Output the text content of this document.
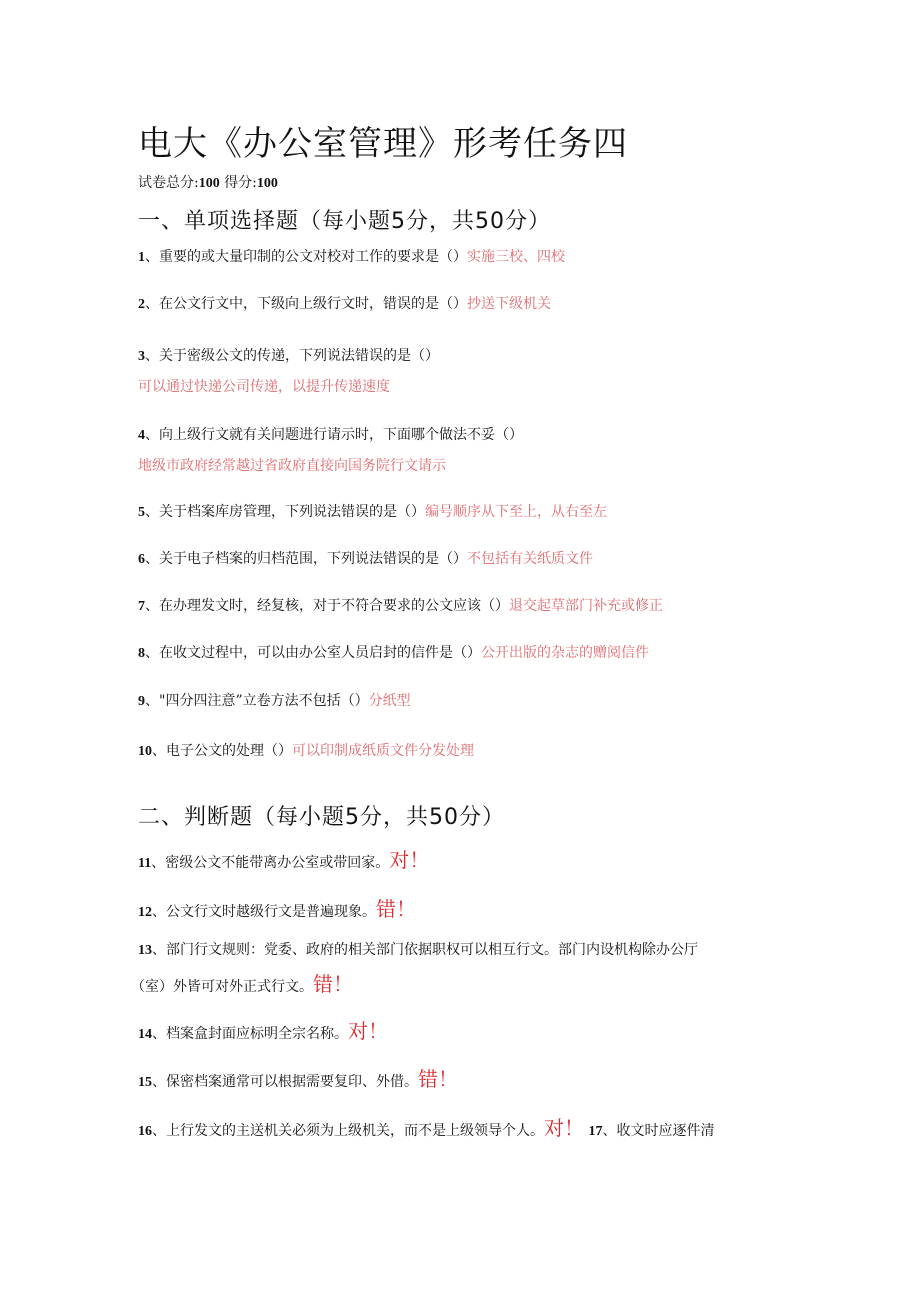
电大《办公室管理》形考任务四
试卷总分:100 得分:100
一、单项选择题（每小题5分，共50分）
1、重要的或大量印制的公文对校对工作的要求是（）实施三校、四校
2、在公文行文中，下级向上级行文时，错误的是（）抄送下级机关
3、关于密级公文的传递，下列说法错误的是（）
可以通过快递公司传递，以提升传递速度
4、向上级行文就有关问题进行请示时，下面哪个做法不妥（）
地级市政府经常越过省政府直接向国务院行文请示
5、关于档案库房管理，下列说法错误的是（）编号顺序从下至上，从右至左
6、关于电子档案的归档范围，下列说法错误的是（）不包括有关纸质文件
7、在办理发文时，经复核，对于不符合要求的公文应该（）退交起草部门补充或修正
8、在收文过程中，可以由办公室人员启封的信件是（）公开出版的杂志的赠阅信件
9、"四分四注意”立卷方法不包括（）分纸型
10、电子公文的处理（）可以印制成纸质文件分发处理
二、判断题（每小题5分，共50分）
11、密级公文不能带离办公室或带回家。对！
12、公文行文时越级行文是普遍现象。错！
13、部门行文规则：党委、政府的相关部门依据职权可以相互行文。部门内设机构除办公厅
（室）外皆可对外正式行文。错！
14、档案盒封面应标明全宗名称。对！
15、保密档案通常可以根据需要复印、外借。错！
16、上行发文的主送机关必须为上级机关，而不是上级领导个人。对！ 17、收文时应逐件清
